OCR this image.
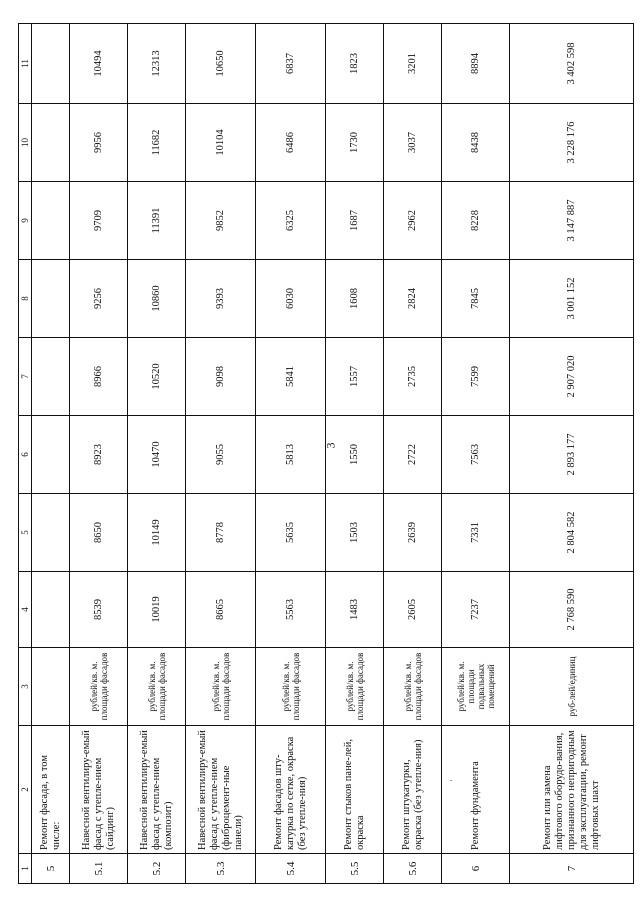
3
1	2	3	4	5	6	7	8	9	10	11
5	Ремонт фасада, в том числе:									
5.1	Навесной вентилиру-емый фасад с утепле-нием (сайдинг)	рублей/кв. м. площади фасадов	8539	8650	8923	8966	9256	9709	9956	10494
5.2	Навесной вентилиру-емый фасад с утепле-нием (композит)	рублей/кв. м. площади фасадов	10019	10149	10470	10520	10860	11391	11682	12313
5.3	Навесной вентилиру-емый фасад с утепле-нием (фиброцемент-ные панели)	рублей/кв. м. площади фасадов	8665	8778	9055	9098	9393	9852	10104	10650
5.4	Ремонт фасадов шту-катурка по сетке, окраска (без утепле-ния)	рублей/кв. м. площади фасадов	5563	5635	5813	5841	6030	6325	6486	6837
5.5	Ремонт стыков пане-лей, окраска	рублей/кв. м. площади фасадов	1483	1503	1550	1557	1608	1687	1730	1823
5.6	Ремонт штукатурки, окраска (без утепле-ния)	рублей/кв. м. площади фасадов	2605	2639	2722	2735	2824	2962	3037	3201
6	Ремонт фундамента	рублей/кв. м. площади подвальных помещений	7237	7331	7563	7599	7845	8228	8438	8894
7	Ремонт или замена лифтового оборудо-вания, признанного непригодным для эксплуатации, ремонт лифтовых шахт	руб-лей/единиц	2 768 590	2 804 582	2 893 177	2 907 020	3 001 152	3 147 887	3 228 176	3 402 598
